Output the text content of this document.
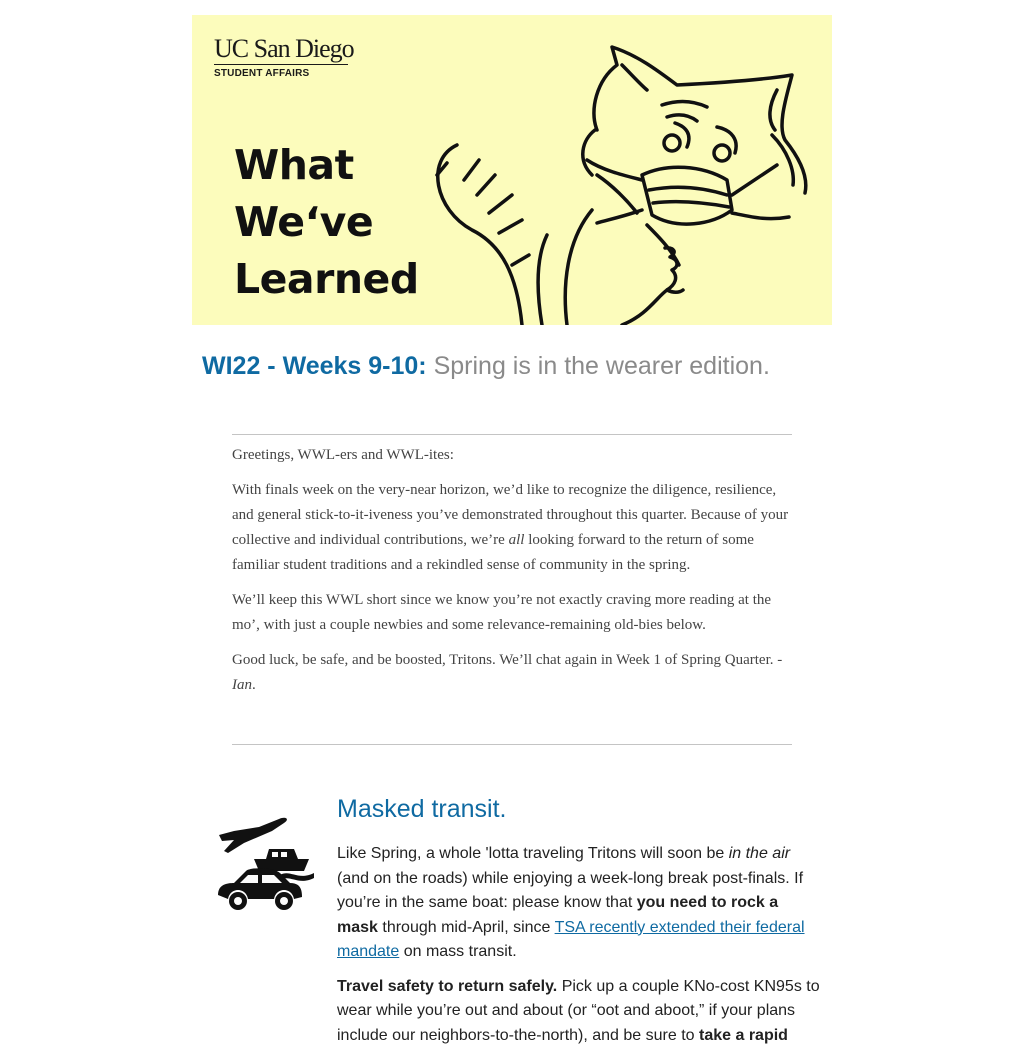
UC San Diego
STUDENT AFFAIRS
What
We‘ve
Learned
WI22 - Weeks 9-10: Spring is in the wearer edition.

Greetings, WWL-ers and WWL-ites:

With finals week on the very-near horizon, we’d like to recognize the diligence, resilience, and general stick-to-it-iveness you’ve demonstrated throughout this quarter. Because of your collective and individual contributions, we’re all looking forward to the return of some familiar student traditions and a rekindled sense of community in the spring.

We’ll keep this WWL short since we know you’re not exactly craving more reading at the mo’, with just a couple newbies and some relevance-remaining old-bies below.

Good luck, be safe, and be boosted, Tritons. We’ll chat again in Week 1 of Spring Quarter. - Ian.

Masked transit.

Like Spring, a whole 'lotta traveling Tritons will soon be in the air (and on the roads) while enjoying a week-long break post-finals. If you’re in the same boat: please know that you need to rock a mask through mid-April, since TSA recently extended their federal mandate on mass transit.

Travel safety to return safely. Pick up a couple KNo-cost KN95s to wear while you’re out and about (or “oot and aboot,” if your plans include our neighbors-to-the-north), and be sure to take a rapid
